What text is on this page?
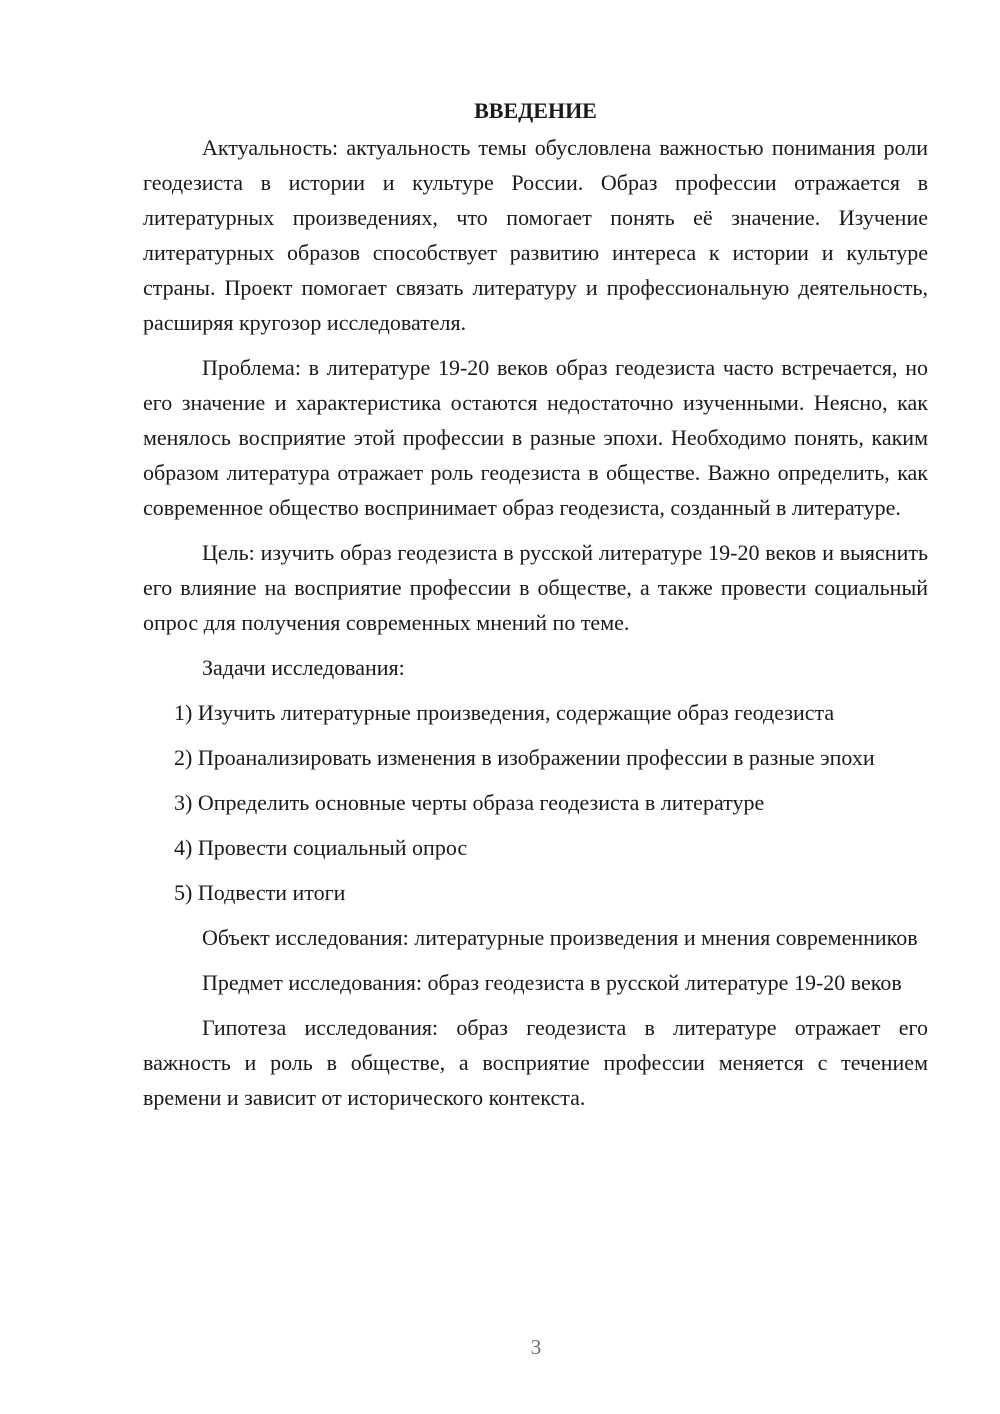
ВВЕДЕНИЕ

Актуальность: актуальность темы обусловлена важностью понимания роли геодезиста в истории и культуре России. Образ профессии отражается в литературных произведениях, что помогает понять её значение. Изучение литературных образов способствует развитию интереса к истории и культуре страны. Проект помогает связать литературу и профессиональную деятельность, расширяя кругозор исследователя.

Проблема: в литературе 19-20 веков образ геодезиста часто встречается, но его значение и характеристика остаются недостаточно изученными. Неясно, как менялось восприятие этой профессии в разные эпохи. Необходимо понять, каким образом литература отражает роль геодезиста в обществе. Важно определить, как современное общество воспринимает образ геодезиста, созданный в литературе.

Цель: изучить образ геодезиста в русской литературе 19-20 веков и выяснить его влияние на восприятие профессии в обществе, а также провести социальный опрос для получения современных мнений по теме.

Задачи исследования:

1) Изучить литературные произведения, содержащие образ геодезиста

2) Проанализировать изменения в изображении профессии в разные эпохи

3) Определить основные черты образа геодезиста в литературе

4) Провести социальный опрос

5) Подвести итоги

Объект исследования: литературные произведения и мнения современников

Предмет исследования: образ геодезиста в русской литературе 19-20 веков

Гипотеза исследования: образ геодезиста в литературе отражает его важность и роль в обществе, а восприятие профессии меняется с течением времени и зависит от исторического контекста.

3
